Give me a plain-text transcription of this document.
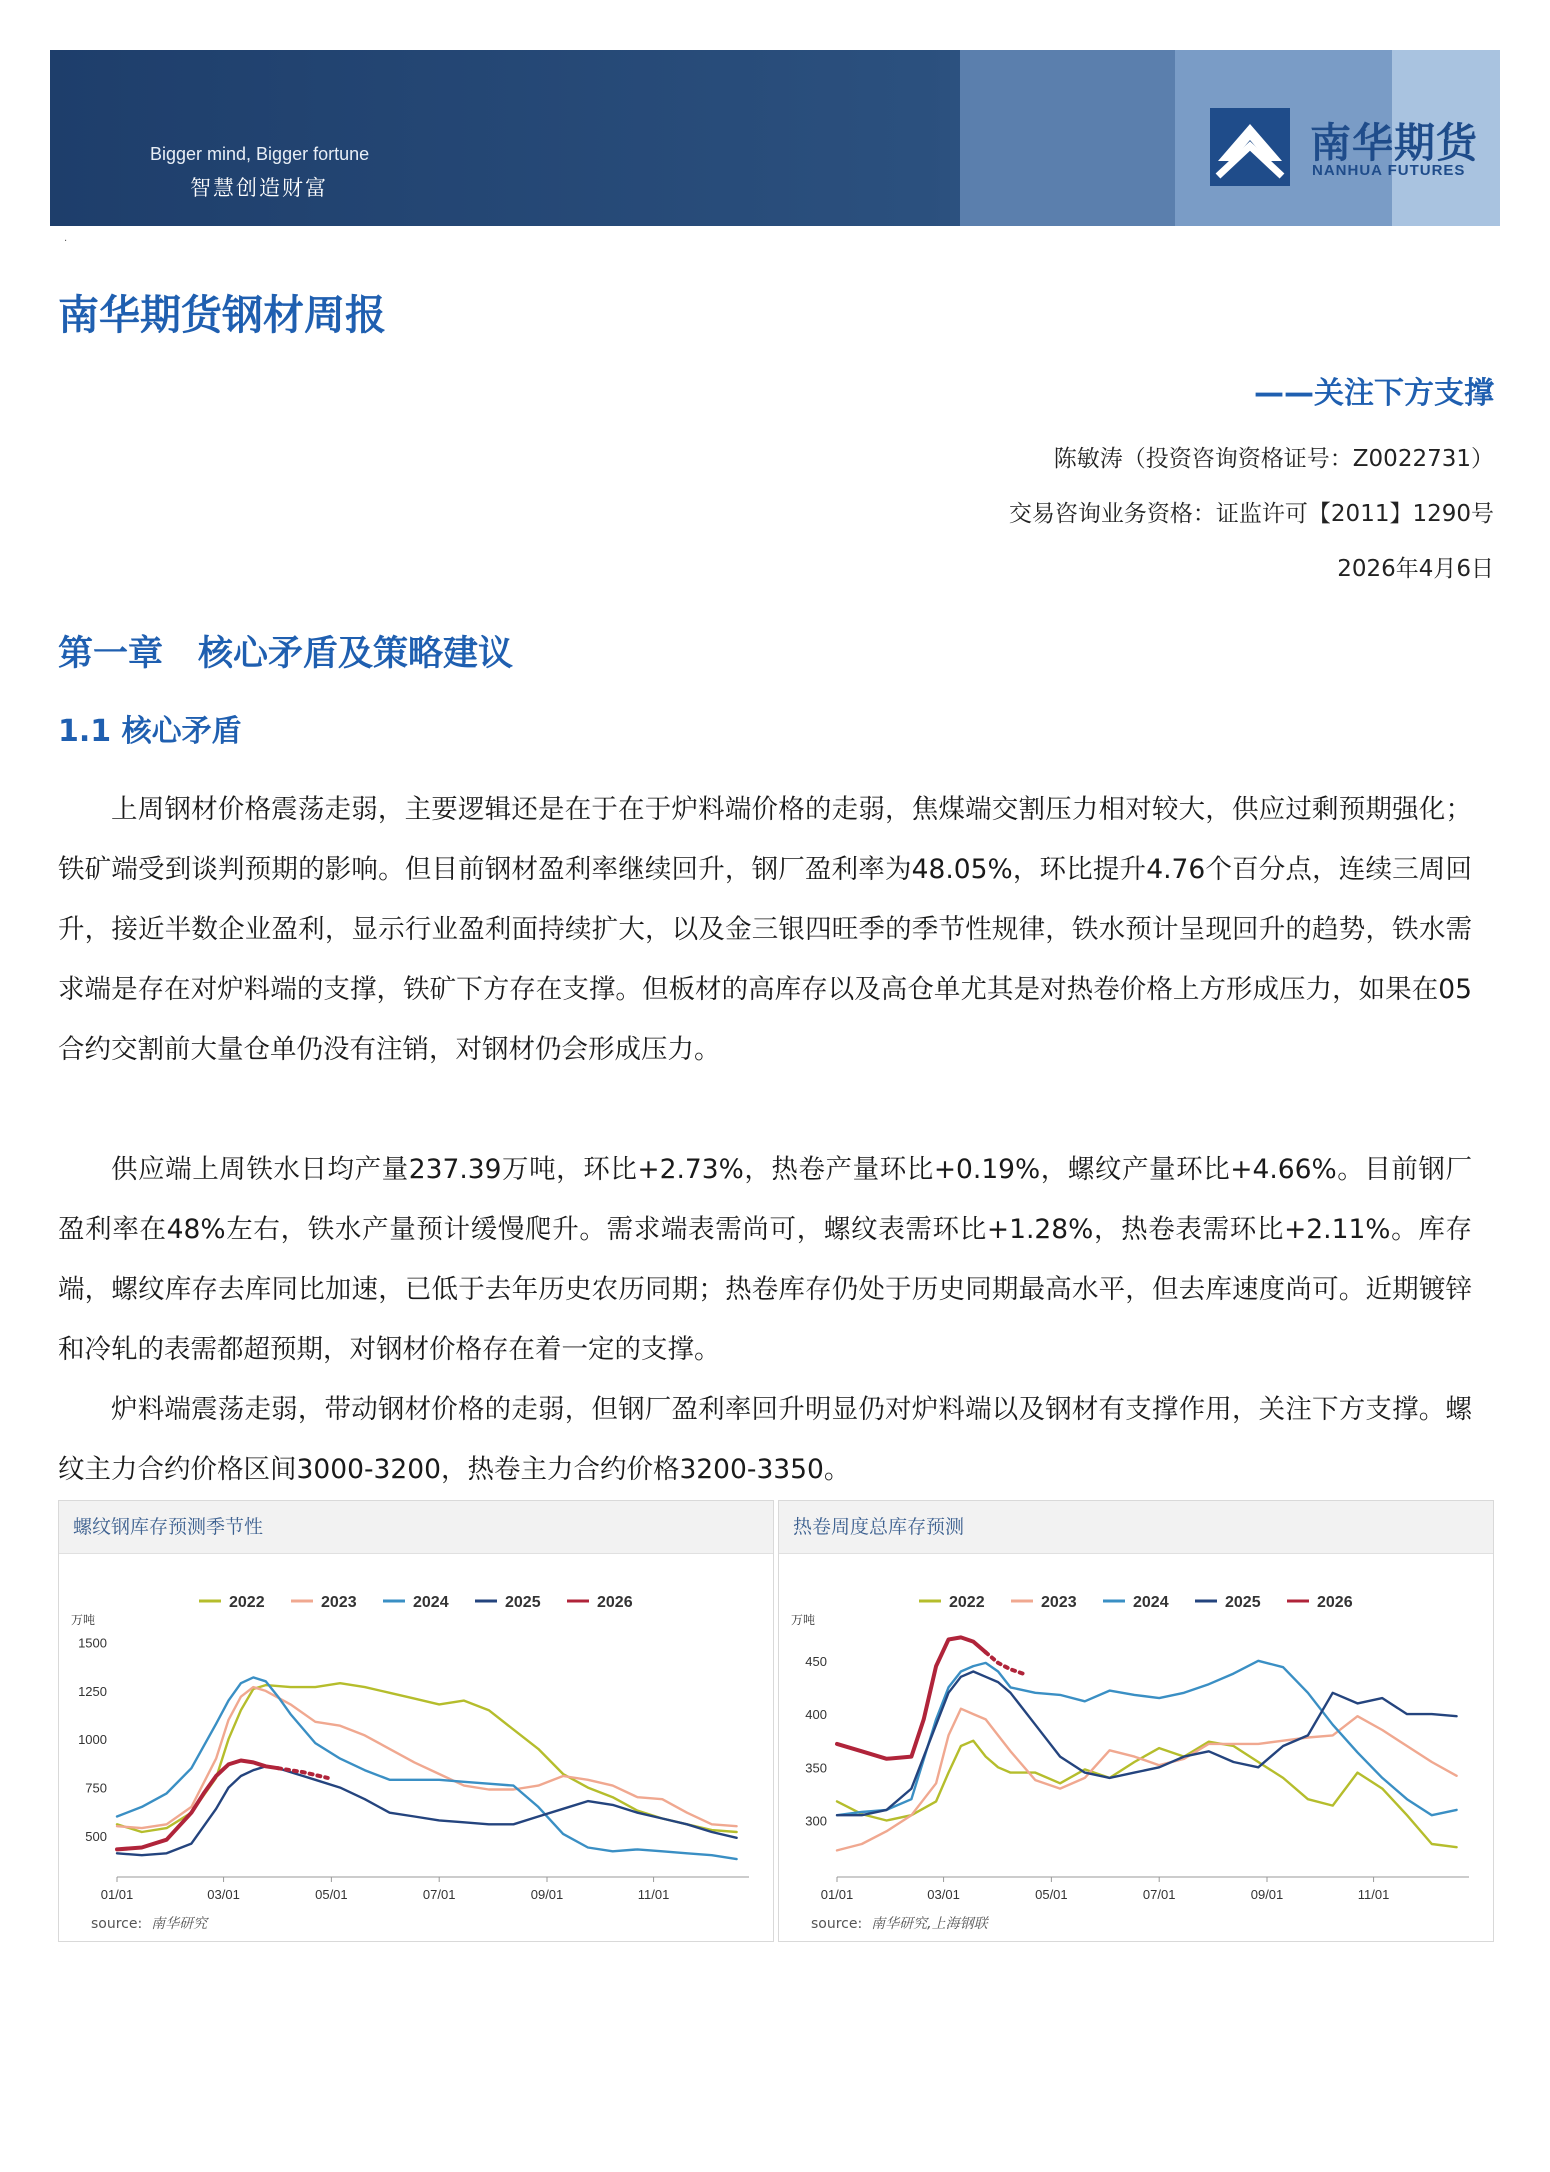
Bigger mind, Bigger fortune
智慧创造财富
南华期货
NANHUA FUTURES
·
南华期货钢材周报
——关注下方支撑
陈敏涛（投资咨询资格证号：Z0022731）
交易咨询业务资格：证监许可【2011】1290号
2026年4月6日
第一章　核心矛盾及策略建议
1.1 核心矛盾
上周钢材价格震荡走弱，主要逻辑还是在于在于炉料端价格的走弱，焦煤端交割压力相对较大，供应过剩预期强化；铁矿端受到谈判预期的影响。但目前钢材盈利率继续回升，钢厂盈利率为48.05%，环比提升4.76个百分点，连续三周回升，接近半数企业盈利，显示行业盈利面持续扩大，以及金三银四旺季的季节性规律，铁水预计呈现回升的趋势，铁水需求端是存在对炉料端的支撑，铁矿下方存在支撑。但板材的高库存以及高仓单尤其是对热卷价格上方形成压力，如果在05合约交割前大量仓单仍没有注销，对钢材仍会形成压力。
供应端上周铁水日均产量237.39万吨，环比+2.73%，热卷产量环比+0.19%，螺纹产量环比+4.66%。目前钢厂盈利率在48%左右，铁水产量预计缓慢爬升。需求端表需尚可，螺纹表需环比+1.28%，热卷表需环比+2.11%。库存端，螺纹库存去库同比加速，已低于去年历史农历同期；热卷库存仍处于历史同期最高水平，但去库速度尚可。近期镀锌和冷轧的表需都超预期，对钢材价格存在着一定的支撑。
炉料端震荡走弱，带动钢材价格的走弱，但钢厂盈利率回升明显仍对炉料端以及钢材有支撑作用，关注下方支撑。螺纹主力合约价格区间3000-3200，热卷主力合约价格3200-3350。
螺纹钢库存预测季节性
2022	2023	2024	2025	2026
万吨
500
750
1000
1250
1500
01/01	03/01	05/01	07/01	09/01	11/01
source: 南华研究
热卷周度总库存预测
2022	2023	2024	2025	2026
万吨
300
350
400
450
01/01	03/01	05/01	07/01	09/01	11/01
source: 南华研究,上海钢联
